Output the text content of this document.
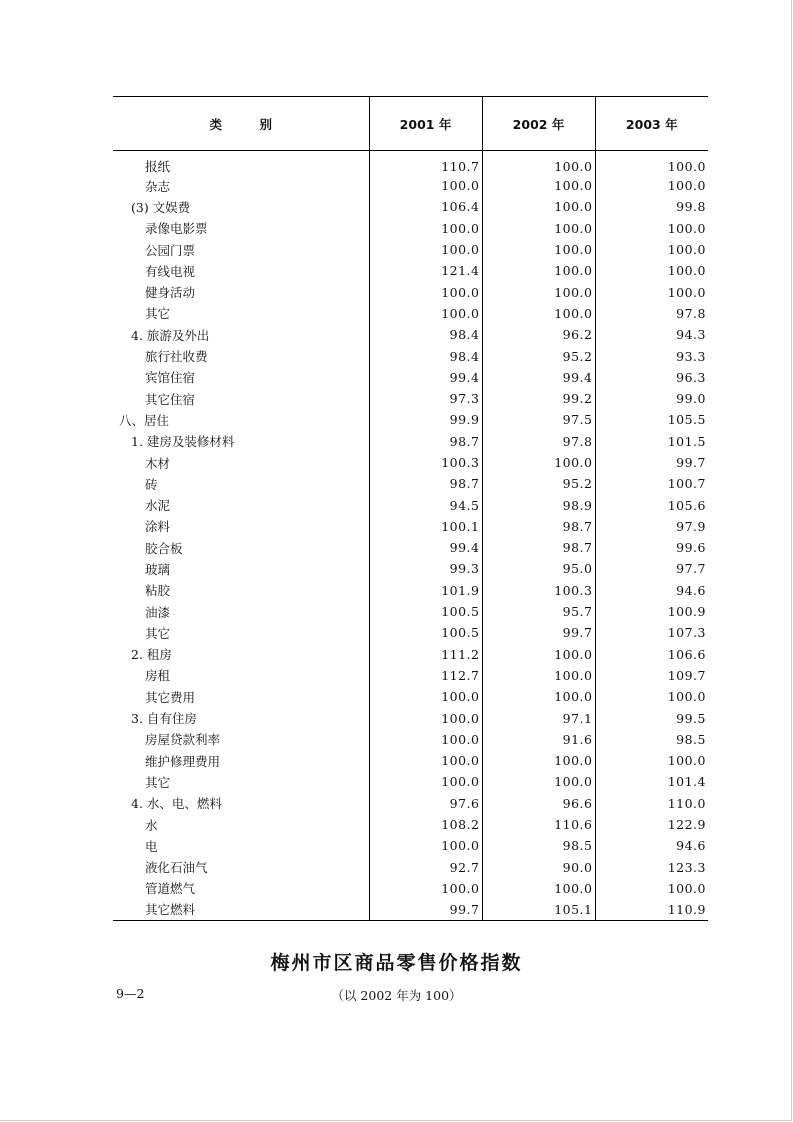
类　　　别	2001 年	2002 年	2003 年
报纸	110.7	100.0	100.0
杂志	100.0	100.0	100.0
(3) 文娱费	106.4	100.0	99.8
录像电影票	100.0	100.0	100.0
公园门票	100.0	100.0	100.0
有线电视	121.4	100.0	100.0
健身活动	100.0	100.0	100.0
其它	100.0	100.0	97.8
4. 旅游及外出	98.4	96.2	94.3
旅行社收费	98.4	95.2	93.3
宾馆住宿	99.4	99.4	96.3
其它住宿	97.3	99.2	99.0
八、居住	99.9	97.5	105.5
1. 建房及装修材料	98.7	97.8	101.5
木材	100.3	100.0	99.7
砖	98.7	95.2	100.7
水泥	94.5	98.9	105.6
涂料	100.1	98.7	97.9
胶合板	99.4	98.7	99.6
玻璃	99.3	95.0	97.7
粘胶	101.9	100.3	94.6
油漆	100.5	95.7	100.9
其它	100.5	99.7	107.3
2. 租房	111.2	100.0	106.6
房租	112.7	100.0	109.7
其它费用	100.0	100.0	100.0
3. 自有住房	100.0	97.1	99.5
房屋贷款利率	100.0	91.6	98.5
维护修理费用	100.0	100.0	100.0
其它	100.0	100.0	101.4
4. 水、电、燃料	97.6	96.6	110.0
水	108.2	110.6	122.9
电	100.0	98.5	94.6
液化石油气	92.7	90.0	123.3
管道燃气	100.0	100.0	100.0
其它燃料	99.7	105.1	110.9
梅州市区商品零售价格指数
9—2	（以 2002 年为 100）
